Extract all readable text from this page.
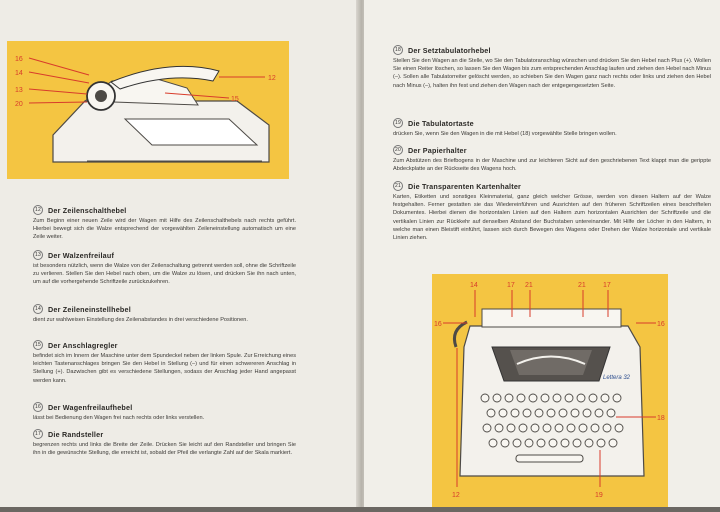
16
14
13
20
12
15
12 Der Zeilenschalthebel
Zum Beginn einer neuen Zeile wird der Wagen mit Hilfe des Zeilenschalthebels nach rechts geführt. Hierbei bewegt sich die Walze entsprechend der vorgewählten Zeileneinstellung automatisch um eine Zeile weiter.
13 Der Walzenfreilauf
ist besonders nützlich, wenn die Walze von der Zeilenschaltung getrennt werden soll, ohne die Schriftzeile zu verlieren. Stellen Sie den Hebel nach oben, um die Walze zu lösen, und drücken Sie ihn nach unten, um auf die vorhergehende Schriftzeile zurückzukehren.
14 Der Zeileneinstellhebel
dient zur wahlweisen Einstellung des Zeilenabstandes in drei verschiedene Positionen.
15 Der Anschlagregler
befindet sich im Innern der Maschine unter dem Spundeckel neben der linken Spule. Zur Erreichung eines leichten Tastenanschlages bringen Sie den Hebel in Stellung (–) und für einen schwereren Anschlag in Stellung (+). Dazwischen gibt es verschiedene Stellungen, sodass der Anschlag jeder Hand angepasst werden kann.
16 Der Wagenfreilaufhebel
lässt bei Bedienung den Wagen frei nach rechts oder links verstellen.
17 Die Randsteller
begrenzen rechts und links die Breite der Zeile. Drücken Sie leicht auf den Randsteller und bringen Sie ihn in die gewünschte Stellung, die erreicht ist, sobald der Pfeil die verlangte Zahl auf der Skala markiert.
18 Der Setztabulatorhebel
Stellen Sie den Wagen an die Stelle, wo Sie den Tabulatoranschlag wünschen und drücken Sie den Hebel nach Plus (+). Wollen Sie einen Reiter löschen, so lassen Sie den Wagen bis zum entsprechenden Anschlag laufen und ziehen den Hebel nach Minus (–). Sollen alle Tabulatorreiter gelöscht werden, so schieben Sie den Wagen ganz nach rechts oder links und ziehen den Hebel nach Minus (–), halten ihn fest und ziehen den Wagen nach der entgegengesetzten Seite.
19 Die Tabulatortaste
drücken Sie, wenn Sie den Wagen in die mit Hebel (18) vorgewählte Stelle bringen wollen.
20 Der Papierhalter
Zum Abstützen des Briefbogens in der Maschine und zur leichteren Sicht auf den geschriebenen Text klappt man die gerippte Abdeckplatte an der Rückseite des Wagens hoch.
21 Die Transparenten Kartenhalter
Karten, Etiketten und sonstiges Kleinmaterial, ganz gleich welcher Grösse, werden von diesen Haltern auf der Walze festgehalten. Ferner gestatten sie das Wiedereinführen und Ausrichten auf den früheren Schriftzeilen eines beschriftelen Dokumentes. Hierbei dienen die horizontalen Linien auf den Haltern zum horizontalen Ausrichten der Schriftzeile und die vertikalen Linien zur Rückkehr auf denselben Abstand der Buchstaben untereinander. Mit Hilfe der Löcher in den Haltern, in welche man einen Bleistift einführt, lassen sich durch Bewegen des Wagens oder Drehen der Walze horizontale und vertikale Linien ziehen.
Lettera 32
14	17 21	21 17
16	16
18
12	19
